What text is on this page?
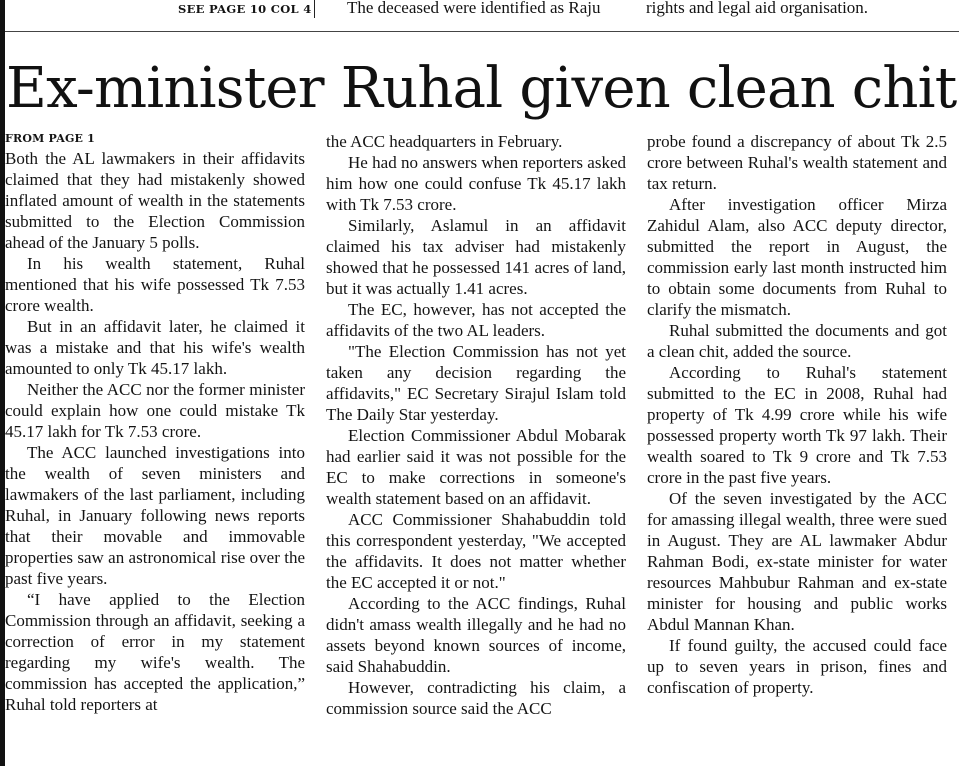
SEE PAGE 10 COL 4 The deceased were identified as Raju	rights and legal aid organisation.
Ex-minister Ruhal given clean chit
FROM PAGE 1

Both the AL lawmakers in their affidavits claimed that they had mistakenly showed inflated amount of wealth in the statements submitted to the Election Commission ahead of the January 5 polls.

In his wealth statement, Ruhal mentioned that his wife possessed Tk 7.53 crore wealth.

But in an affidavit later, he claimed it was a mistake and that his wife's wealth amounted to only Tk 45.17 lakh.

Neither the ACC nor the former minister could explain how one could mistake Tk 45.17 lakh for Tk 7.53 crore.

The ACC launched investigations into the wealth of seven ministers and lawmakers of the last parliament, including Ruhal, in January following news reports that their movable and immovable properties saw an astronomical rise over the past five years.

“I have applied to the Election Commission through an affidavit, seeking a correction of error in my statement regarding my wife's wealth. The commission has accepted the application,” Ruhal told reporters at

the ACC headquarters in February.

He had no answers when reporters asked him how one could confuse Tk 45.17 lakh with Tk 7.53 crore.

Similarly, Aslamul in an affidavit claimed his tax adviser had mistakenly showed that he possessed 141 acres of land, but it was actually 1.41 acres.

The EC, however, has not accepted the affidavits of the two AL leaders.

"The Election Commission has not yet taken any decision regarding the affidavits," EC Secretary Sirajul Islam told The Daily Star yesterday.

Election Commissioner Abdul Mobarak had earlier said it was not possible for the EC to make corrections in someone's wealth statement based on an affidavit.

ACC Commissioner Shahabuddin told this correspondent yesterday, "We accepted the affidavits. It does not matter whether the EC accepted it or not."

According to the ACC findings, Ruhal didn't amass wealth illegally and he had no assets beyond known sources of income, said Shahabuddin.

However, contradicting his claim, a commission source said the ACC

probe found a discrepancy of about Tk 2.5 crore between Ruhal's wealth statement and tax return.

After investigation officer Mirza Zahidul Alam, also ACC deputy director, submitted the report in August, the commission early last month instructed him to obtain some documents from Ruhal to clarify the mismatch.

Ruhal submitted the documents and got a clean chit, added the source.

According to Ruhal's statement submitted to the EC in 2008, Ruhal had property of Tk 4.99 crore while his wife possessed property worth Tk 97 lakh. Their wealth soared to Tk 9 crore and Tk 7.53 crore in the past five years.

Of the seven investigated by the ACC for amassing illegal wealth, three were sued in August. They are AL lawmaker Abdur Rahman Bodi, ex-state minister for water resources Mahbubur Rahman and ex-state minister for housing and public works Abdul Mannan Khan.

If found guilty, the accused could face up to seven years in prison, fines and confiscation of property.
